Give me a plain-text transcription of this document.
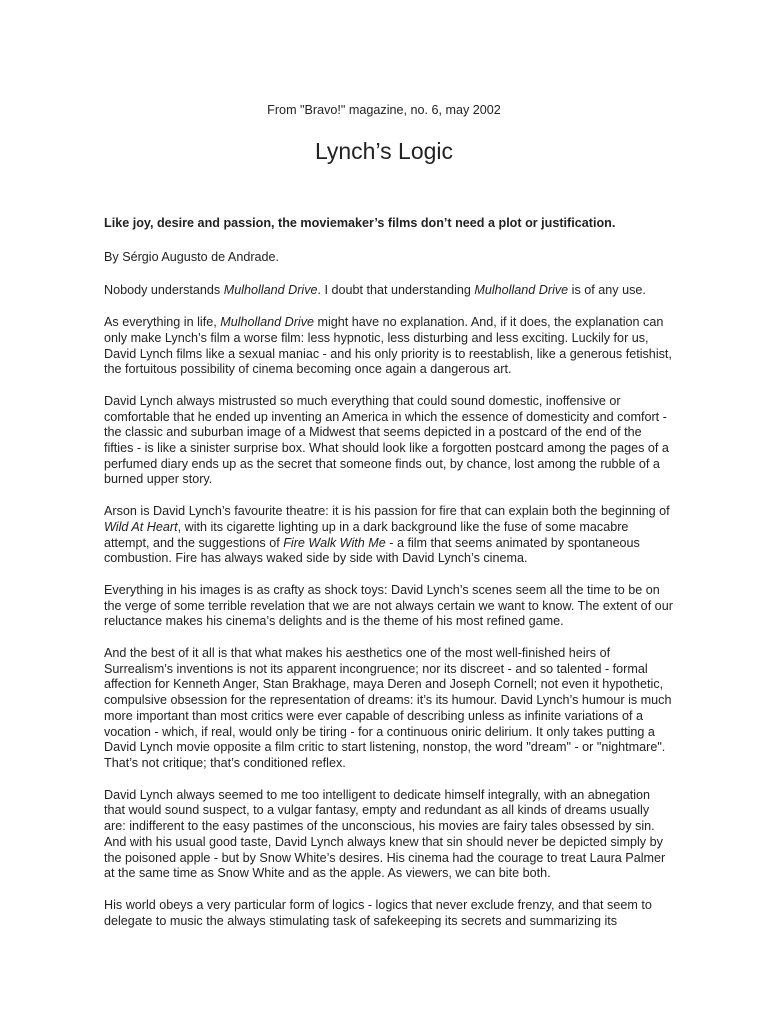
From "Bravo!" magazine, no. 6, may 2002
Lynch’s Logic

Like joy, desire and passion, the moviemaker’s films don’t need a plot or justification.

By Sérgio Augusto de Andrade.

Nobody understands Mulholland Drive. I doubt that understanding Mulholland Drive is of any use.

As everything in life, Mulholland Drive might have no explanation. And, if it does, the explanation can only make Lynch’s film a worse film: less hypnotic, less disturbing and less exciting. Luckily for us, David Lynch films like a sexual maniac - and his only priority is to reestablish, like a generous fetishist, the fortuitous possibility of cinema becoming once again a dangerous art.

David Lynch always mistrusted so much everything that could sound domestic, inoffensive or comfortable that he ended up inventing an America in which the essence of domesticity and comfort - the classic and suburban image of a Midwest that seems depicted in a postcard of the end of the fifties - is like a sinister surprise box. What should look like a forgotten postcard among the pages of a perfumed diary ends up as the secret that someone finds out, by chance, lost among the rubble of a burned upper story.

Arson is David Lynch’s favourite theatre: it is his passion for fire that can explain both the beginning of Wild At Heart, with its cigarette lighting up in a dark background like the fuse of some macabre attempt, and the suggestions of Fire Walk With Me - a film that seems animated by spontaneous combustion. Fire has always waked side by side with David Lynch’s cinema.

Everything in his images is as crafty as shock toys: David Lynch’s scenes seem all the time to be on the verge of some terrible revelation that we are not always certain we want to know. The extent of our reluctance makes his cinema’s delights and is the theme of his most refined game.

And the best of it all is that what makes his aesthetics one of the most well-finished heirs of Surrealism’s inventions is not its apparent incongruence; nor its discreet - and so talented - formal affection for Kenneth Anger, Stan Brakhage, maya Deren and Joseph Cornell; not even it hypothetic, compulsive obsession for the representation of dreams: it’s its humour. David Lynch’s humour is much more important than most critics were ever capable of describing unless as infinite variations of a vocation - which, if real, would only be tiring - for a continuous oniric delirium. It only takes putting a David Lynch movie opposite a film critic to start listening, nonstop, the word "dream" - or "nightmare". That’s not critique; that’s conditioned reflex.

David Lynch always seemed to me too intelligent to dedicate himself integrally, with an abnegation that would sound suspect, to a vulgar fantasy, empty and redundant as all kinds of dreams usually are: indifferent to the easy pastimes of the unconscious, his movies are fairy tales obsessed by sin. And with his usual good taste, David Lynch always knew that sin should never be depicted simply by the poisoned apple - but by Snow White’s desires. His cinema had the courage to treat Laura Palmer at the same time as Snow White and as the apple. As viewers, we can bite both.

His world obeys a very particular form of logics - logics that never exclude frenzy, and that seem to delegate to music the always stimulating task of safekeeping its secrets and summarizing its
